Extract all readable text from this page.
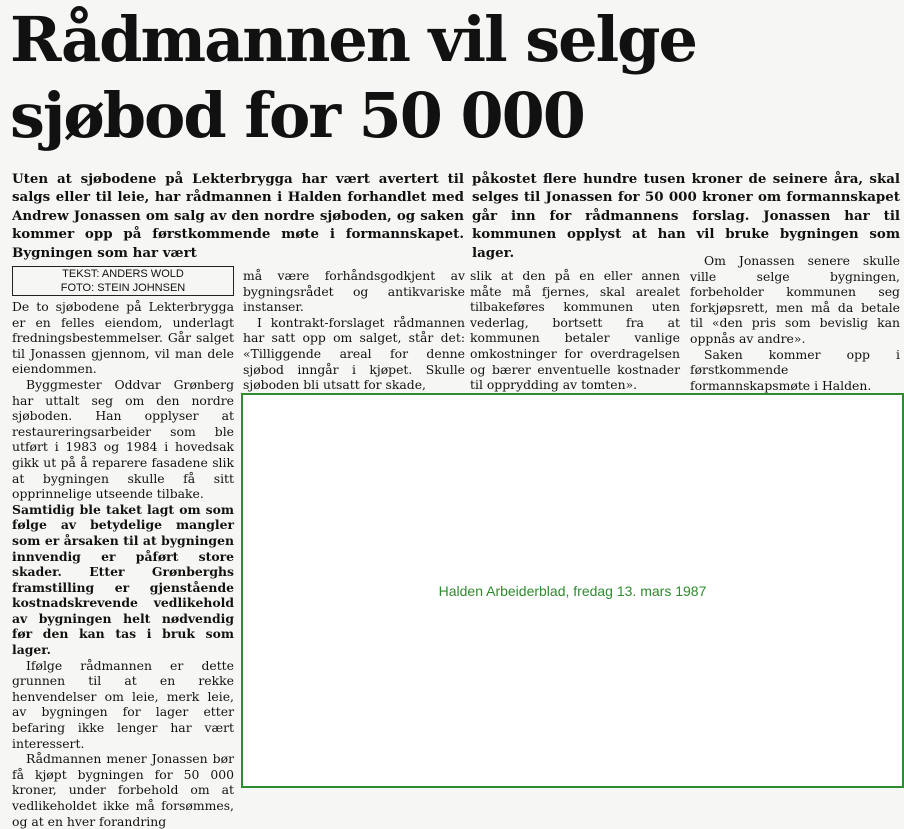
Rådmannen vil selge
sjøbod for 50 000

Uten at sjøbodene på Lekterbrygga har vært avertert til salgs eller til leie, har rådmannen i Halden forhandlet med Andrew Jonassen om salg av den nordre sjøboden, og saken kommer opp på førstkommende møte i formannskapet. Bygningen som har vært

påkostet flere hundre tusen kroner de seinere åra, skal selges til Jonassen for 50 000 kroner om formannskapet går inn for rådmannens forslag. Jonassen har til kommunen opplyst at han vil bruke bygningen som lager.

TEKST: ANDERS WOLD
FOTO: STEIN JOHNSEN

De to sjøbodene på Lekterbrygga er en felles eiendom, underlagt fredningsbestemmelser. Går salget til Jonassen gjennom, vil man dele eiendommen.

Byggmester Oddvar Grønberg har uttalt seg om den nordre sjøboden. Han opplyser at restaureringsarbeider som ble utført i 1983 og 1984 i hovedsak gikk ut på å reparere fasadene slik at bygningen skulle få sitt opprinnelige utseende tilbake.

Samtidig ble taket lagt om som følge av betydelige mangler som er årsaken til at bygningen innvendig er påført store skader. Etter Grønberghs framstilling er gjenstående kostnadskrevende vedlikehold av bygningen helt nødvendig før den kan tas i bruk som lager.

Ifølge rådmannen er dette grunnen til at en rekke henvendelser om leie, merk leie, av bygningen for lager etter befaring ikke lenger har vært interessert.

Rådmannen mener Jonassen bør få kjøpt bygningen for 50 000 kroner, under forbehold om at vedlikeholdet ikke må forsømmes, og at en hver forandring

må være forhåndsgodkjent av bygningsrådet og antikvariske instanser.

I kontrakt-forslaget rådmannen har satt opp om salget, står det: «Tilliggende areal for denne sjøbod inngår i kjøpet. Skulle sjøboden bli utsatt for skade,

slik at den på en eller annen måte må fjernes, skal arealet tilbakeføres kommunen uten vederlag, bortsett fra at kommunen betaler vanlige omkostninger for overdragelsen og bærer enventuelle kostnader til opprydding av tomten».

Om Jonassen senere skulle ville selge bygningen, forbeholder kommunen seg forkjøpsrett, men må da betale til «den pris som bevislig kan oppnås av andre».

Saken kommer opp i førstkommende formannskapsmøte i Halden.

Halden Arbeiderblad, fredag 13. mars 1987
